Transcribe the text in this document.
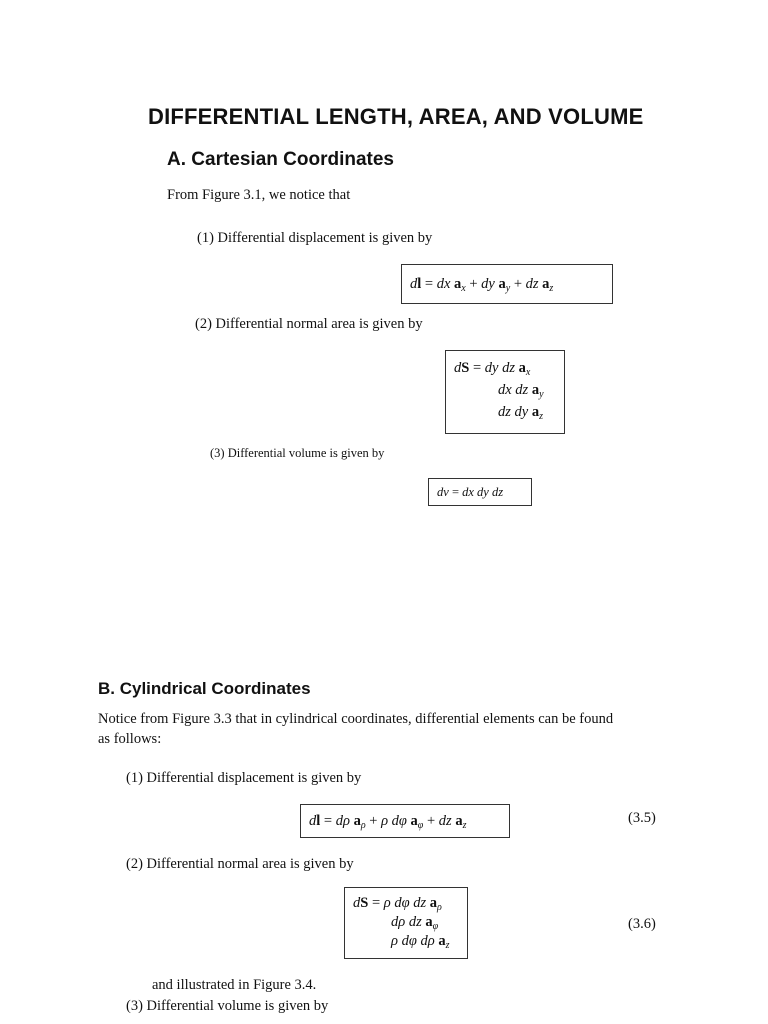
DIFFERENTIAL LENGTH, AREA, AND VOLUME
A. Cartesian Coordinates
From Figure 3.1, we notice that
(1) Differential displacement is given by
dl = dx $a_x$ + dy $a_y$ + dz $a_z$
(2) Differential normal area is given by
dS = dy dz $a_x$
dx dz $a_y$
dz dy $a_z$
(3) Differential volume is given by
dv = dx dy dz
B. Cylindrical Coordinates
Notice from Figure 3.3 that in cylindrical coordinates, differential elements can be found
as follows:
(1) Differential displacement is given by
dl = dρ $a_\rho + \rho$ dφ $a_\varphi$ + dz $a_z$	(3.5)
(2) Differential normal area is given by
dS = ρ dφ dz $a_\rho$
dρ dz $a_\varphi$
ρ dφ dρ $a_z$
(3.6)
and illustrated in Figure 3.4.
(3) Differential volume is given by
